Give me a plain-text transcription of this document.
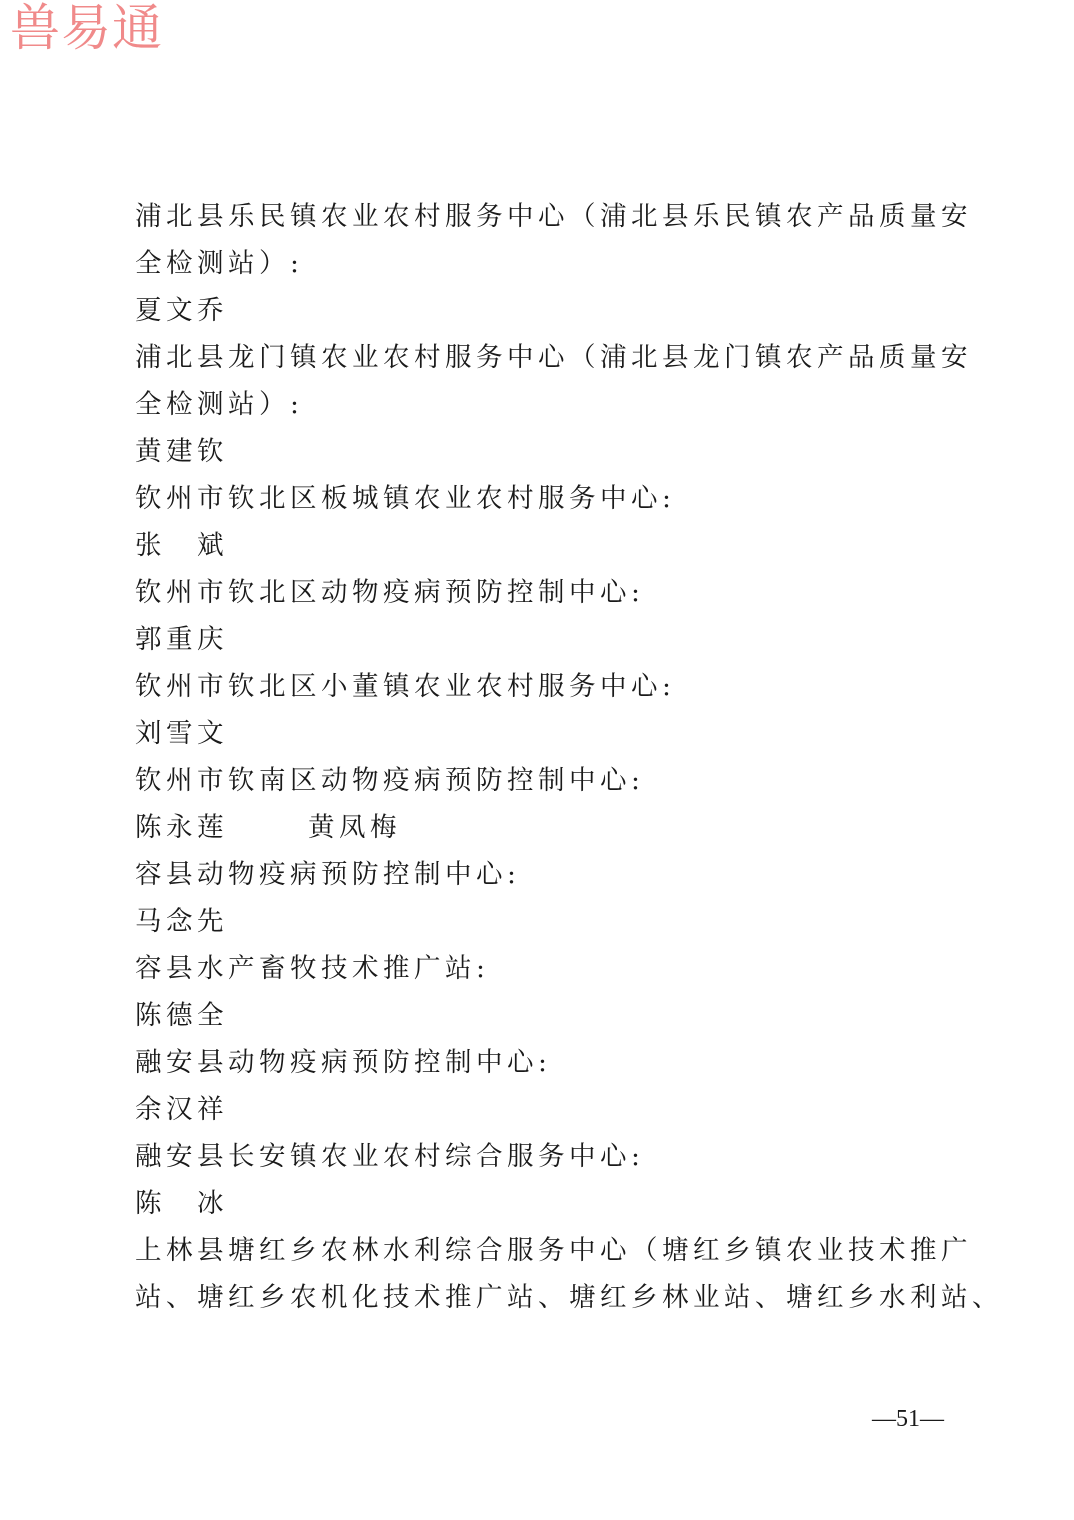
兽易通
浦北县乐民镇农业农村服务中心（浦北县乐民镇农产品质量安
全检测站）:
夏文乔
浦北县龙门镇农业农村服务中心（浦北县龙门镇农产品质量安
全检测站）:
黄建钦
钦州市钦北区板城镇农业农村服务中心:
张　斌
钦州市钦北区动物疫病预防控制中心:
郭重庆
钦州市钦北区小董镇农业农村服务中心:
刘雪文
钦州市钦南区动物疫病预防控制中心:
陈永莲	黄凤梅
容县动物疫病预防控制中心:
马念先
容县水产畜牧技术推广站:
陈德全
融安县动物疫病预防控制中心:
余汉祥
融安县长安镇农业农村综合服务中心:
陈　冰
上林县塘红乡农林水利综合服务中心（塘红乡镇农业技术推广
站、塘红乡农机化技术推广站、塘红乡林业站、塘红乡水利站、
—51—
